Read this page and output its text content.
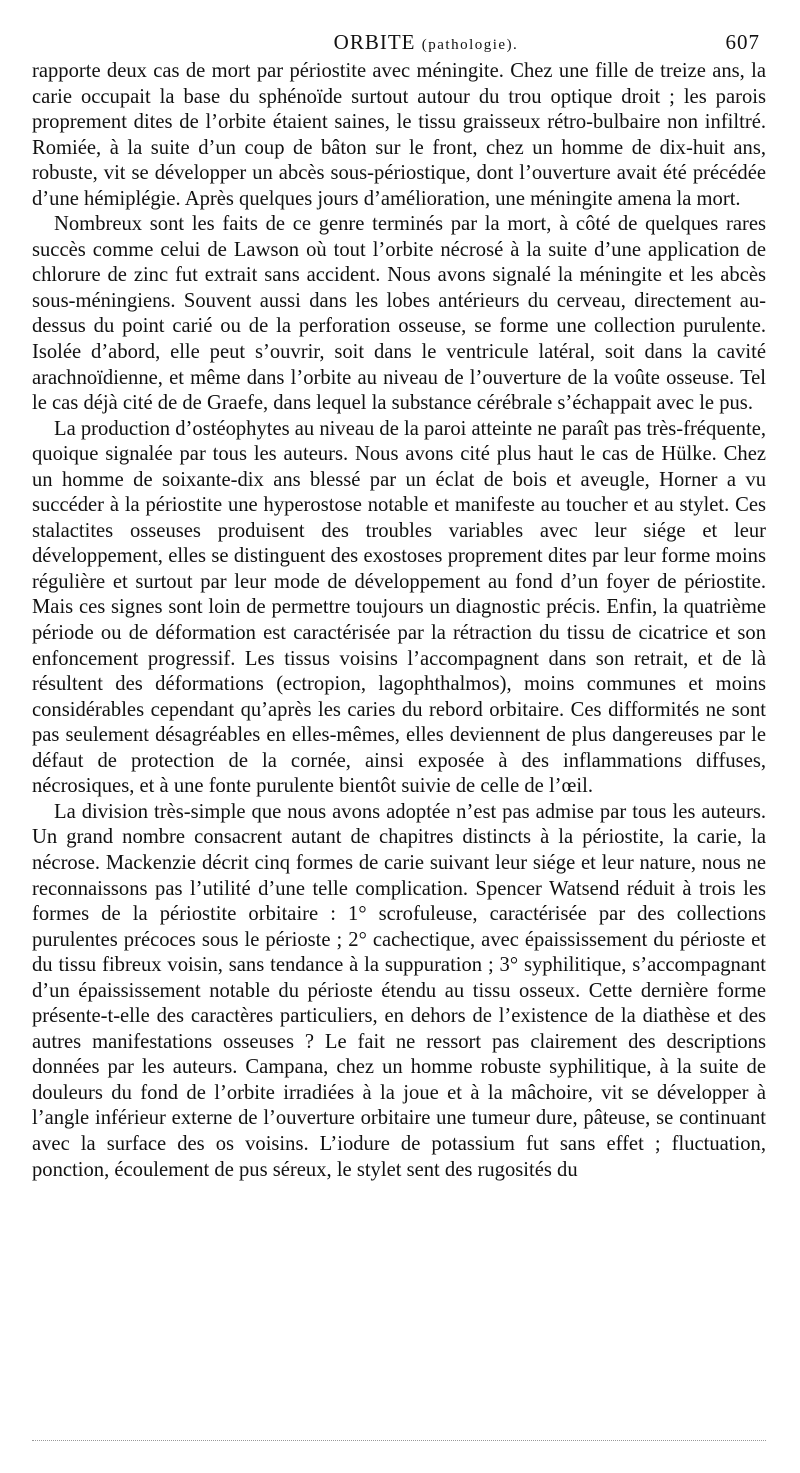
ORBITE (pathologie).	607

rapporte deux cas de mort par périostite avec méningite. Chez une fille de treize ans, la carie occupait la base du sphénoïde surtout autour du trou optique droit ; les parois proprement dites de l’orbite étaient saines, le tissu graisseux rétro-bulbaire non infiltré. Romiée, à la suite d’un coup de bâton sur le front, chez un homme de dix-huit ans, robuste, vit se développer un abcès sous-périostique, dont l’ouverture avait été précédée d’une hémiplégie. Après quelques jours d’amélioration, une méningite amena la mort.

Nombreux sont les faits de ce genre terminés par la mort, à côté de quelques rares succès comme celui de Lawson où tout l’orbite nécrosé à la suite d’une application de chlorure de zinc fut extrait sans accident. Nous avons signalé la méningite et les abcès sous-méningiens. Souvent aussi dans les lobes antérieurs du cerveau, directement au-dessus du point carié ou de la perforation osseuse, se forme une collection purulente. Isolée d’abord, elle peut s’ouvrir, soit dans le ventricule latéral, soit dans la cavité arachnoïdienne, et même dans l’orbite au niveau de l’ouverture de la voûte osseuse. Tel le cas déjà cité de de Graefe, dans lequel la substance cérébrale s’échappait avec le pus.

La production d’ostéophytes au niveau de la paroi atteinte ne paraît pas très-fréquente, quoique signalée par tous les auteurs. Nous avons cité plus haut le cas de Hülke. Chez un homme de soixante-dix ans blessé par un éclat de bois et aveugle, Horner a vu succéder à la périostite une hyperostose notable et manifeste au toucher et au stylet. Ces stalactites osseuses produisent des troubles variables avec leur siége et leur développement, elles se distinguent des exostoses proprement dites par leur forme moins régulière et surtout par leur mode de développement au fond d’un foyer de périostite. Mais ces signes sont loin de permettre toujours un diagnostic précis. Enfin, la quatrième période ou de déformation est caractérisée par la rétraction du tissu de cicatrice et son enfoncement progressif. Les tissus voisins l’accompagnent dans son retrait, et de là résultent des déformations (ectropion, lagophthalmos), moins communes et moins considérables cependant qu’après les caries du rebord orbitaire. Ces difformités ne sont pas seulement désagréables en elles-mêmes, elles deviennent de plus dangereuses par le défaut de protection de la cornée, ainsi exposée à des inflammations diffuses, nécrosiques, et à une fonte purulente bientôt suivie de celle de l’œil.

La division très-simple que nous avons adoptée n’est pas admise par tous les auteurs. Un grand nombre consacrent autant de chapitres distincts à la périostite, la carie, la nécrose. Mackenzie décrit cinq formes de carie suivant leur siége et leur nature, nous ne reconnaissons pas l’utilité d’une telle complication. Spencer Watsend réduit à trois les formes de la périostite orbitaire : 1° scrofuleuse, caractérisée par des collections purulentes précoces sous le périoste ; 2° cachectique, avec épaississement du périoste et du tissu fibreux voisin, sans tendance à la suppuration ; 3° syphilitique, s’accompagnant d’un épaississement notable du périoste étendu au tissu osseux. Cette dernière forme présente-t-elle des caractères particuliers, en dehors de l’existence de la diathèse et des autres manifestations osseuses ? Le fait ne ressort pas clairement des descriptions données par les auteurs. Campana, chez un homme robuste syphilitique, à la suite de douleurs du fond de l’orbite irradiées à la joue et à la mâchoire, vit se développer à l’angle inférieur externe de l’ouverture orbitaire une tumeur dure, pâteuse, se continuant avec la surface des os voisins. L’iodure de potassium fut sans effet ; fluctuation, ponction, écoulement de pus séreux, le stylet sent des rugosités du
